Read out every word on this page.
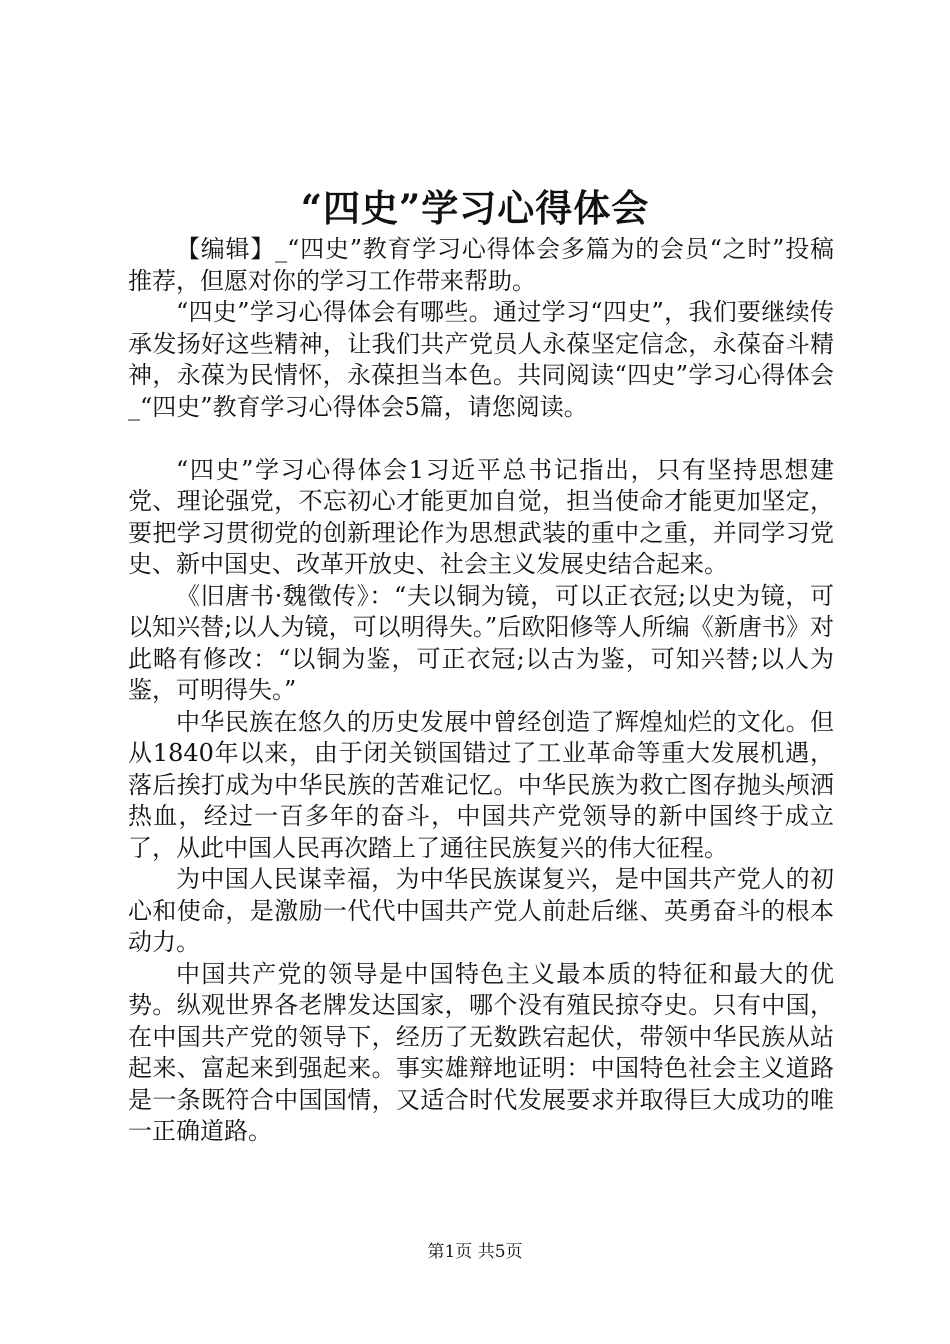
“四史”学习心得体会

【编辑】_“四史”教育学习心得体会多篇为的会员“之时”投稿推荐，但愿对你的学习工作带来帮助。

“四史”学习心得体会有哪些。通过学习“四史”，我们要继续传承发扬好这些精神，让我们共产党员人永葆坚定信念，永葆奋斗精神，永葆为民情怀，永葆担当本色。共同阅读“四史”学习心得体会_“四史”教育学习心得体会5篇，请您阅读。

“四史”学习心得体会1习近平总书记指出，只有坚持思想建党、理论强党，不忘初心才能更加自觉，担当使命才能更加坚定，要把学习贯彻党的创新理论作为思想武装的重中之重，并同学习党史、新中国史、改革开放史、社会主义发展史结合起来。

《旧唐书·魏徵传》：“夫以铜为镜，可以正衣冠;以史为镜，可以知兴替;以人为镜，可以明得失。”后欧阳修等人所编《新唐书》对此略有修改：“以铜为鉴，可正衣冠;以古为鉴，可知兴替;以人为鉴，可明得失。”

中华民族在悠久的历史发展中曾经创造了辉煌灿烂的文化。但从1840年以来，由于闭关锁国错过了工业革命等重大发展机遇，落后挨打成为中华民族的苦难记忆。中华民族为救亡图存抛头颅洒热血，经过一百多年的奋斗，中国共产党领导的新中国终于成立了，从此中国人民再次踏上了通往民族复兴的伟大征程。

为中国人民谋幸福，为中华民族谋复兴，是中国共产党人的初心和使命，是激励一代代中国共产党人前赴后继、英勇奋斗的根本动力。

中国共产党的领导是中国特色主义最本质的特征和最大的优势。纵观世界各老牌发达国家，哪个没有殖民掠夺史。只有中国，在中国共产党的领导下，经历了无数跌宕起伏，带领中华民族从站起来、富起来到强起来。事实雄辩地证明：中国特色社会主义道路是一条既符合中国国情，又适合时代发展要求并取得巨大成功的唯一正确道路。

第1页 共5页
